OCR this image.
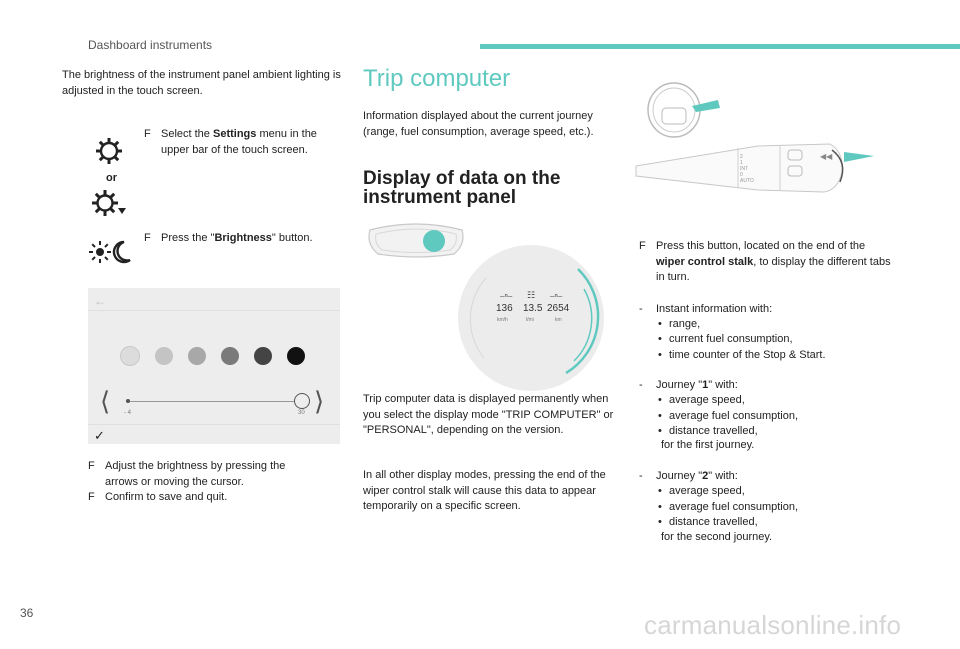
Dashboard instruments
The brightness of the instrument panel ambient lighting is adjusted in the touch screen.
F Select the Settings menu in the upper bar of the touch screen.
or
F Press the "Brightness" button.
←
⟨	⟩
- 4	30
✓
F Adjust the brightness by pressing the arrows or moving the cursor.
F Confirm to save and quit.
Trip computer
Information displayed about the current journey (range, fuel consumption, average speed, etc.).
Display of data on the
instrument panel
⎯ⁿ⎯ ☷ ⎯ⁿ⎯
136 13.5 2654
km/h	l/mi	km
Trip computer data is displayed permanently when you select the display mode "TRIP COMPUTER" or "PERSONAL", depending on the version.
In all other display modes, pressing the end of the wiper control stalk will cause this data to appear temporarily on a specific screen.
2
1
INT
0
AUTO
◀◀
F Press this button, located on the end of the wiper control stalk, to display the different tabs in turn.
- Instant information with:
• range,
• current fuel consumption,
• time counter of the Stop & Start.
- Journey "1" with:
• average speed,
• average fuel consumption,
• distance travelled,
for the first journey.
- Journey "2" with:
• average speed,
• average fuel consumption,
• distance travelled,
for the second journey.
36	carmanualsonline.info
